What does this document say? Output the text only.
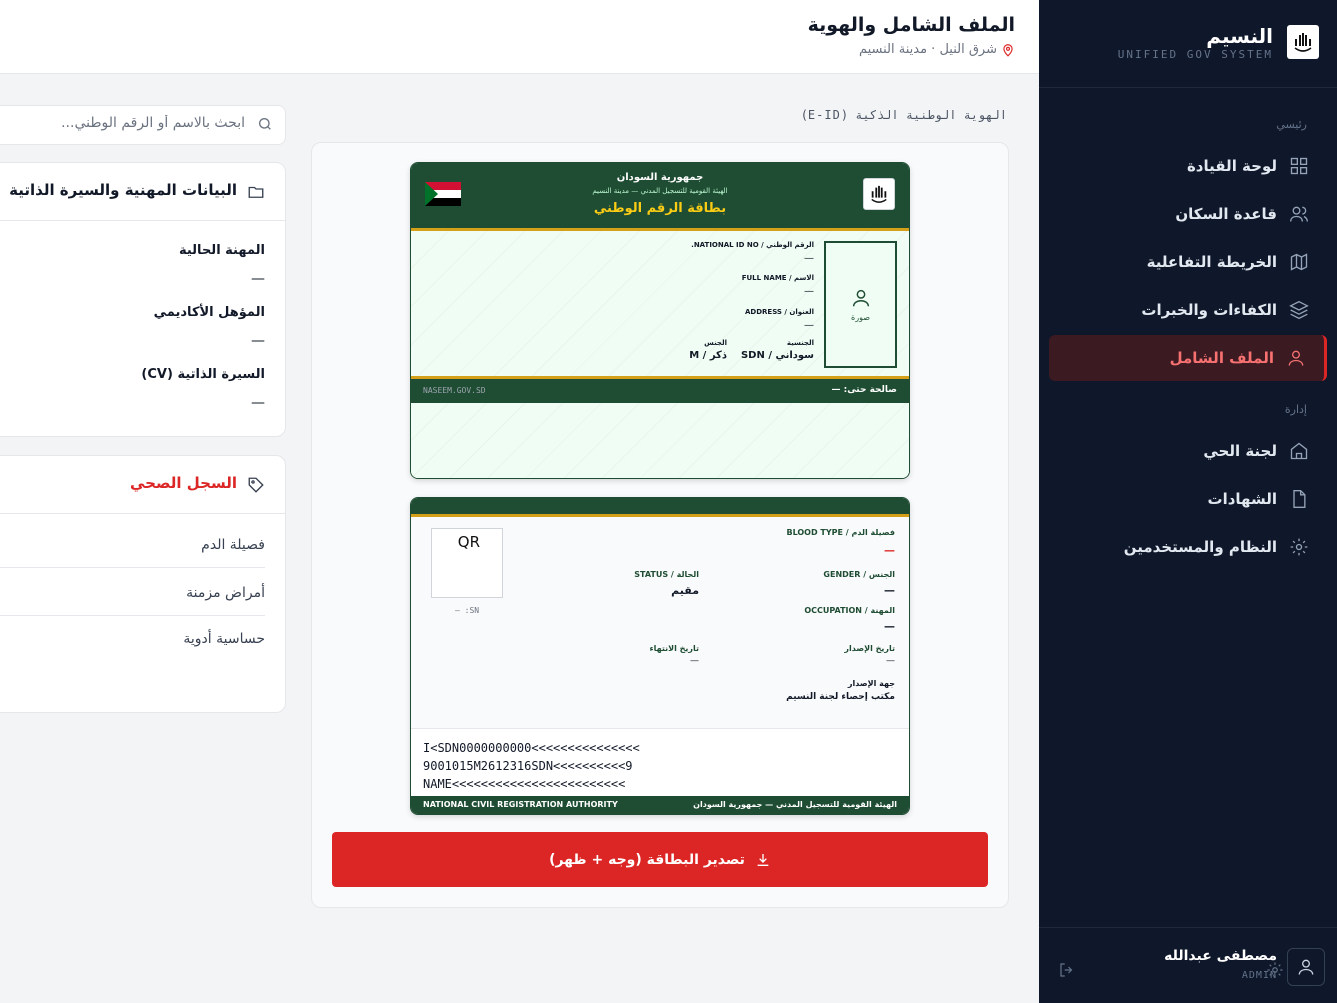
النسيم
UNIFIED GOV SYSTEM
رئيسي
لوحة القيادة
قاعدة السكان
الخريطة التفاعلية
الكفاءات والخبرات
الملف الشامل
إدارة
لجنة الحي
الشهادات
النظام والمستخدمين
مصطفى عبدالله
ADMIN
الملف الشامل والهوية
شرق النيل · مدينة النسيم
الهوية الوطنية الذكية (E-ID)
جمهورية السودان
الهيئة القومية للتسجيل المدني — مدينة النسيم
بطاقة الرقم الوطني
صورة
الرقم الوطني / NATIONAL ID NO.
—
الاسم / FULL NAME
—
العنوان / ADDRESS
—
الجنسية
سوداني / SDN
الجنس
ذكر / M
NASEEM.GOV.SD	صالحة حتى: —
فصيلة الدم / BLOOD TYPE
—
الجنس / GENDER
—
الحالة / STATUS
مقيم
المهنة / OCCUPATION
—
تاريخ الإصدار
—
تاريخ الانتهاء
—
جهة الإصدار
مكتب إحصاء لجنة النسيم
QR
SN: —
I<SDN0000000000<<<<<<<<<<<<<<<
9001015M2612316SDN<<<<<<<<<<9
NAME<<<<<<<<<<<<<<<<<<<<<<<<
NATIONAL CIVIL REGISTRATION AUTHORITY	الهيئة القومية للتسجيل المدني — جمهورية السودان
تصدير البطاقة (وجه + ظهر)
ابحث بالاسم أو الرقم الوطني...
البيانات المهنية والسيرة الذاتية
المهنة الحالية
—
المؤهل الأكاديمي
—
السيرة الذاتية (CV)
—
السجل الصحي
فصيلة الدم
أمراض مزمنة
حساسية أدوية
